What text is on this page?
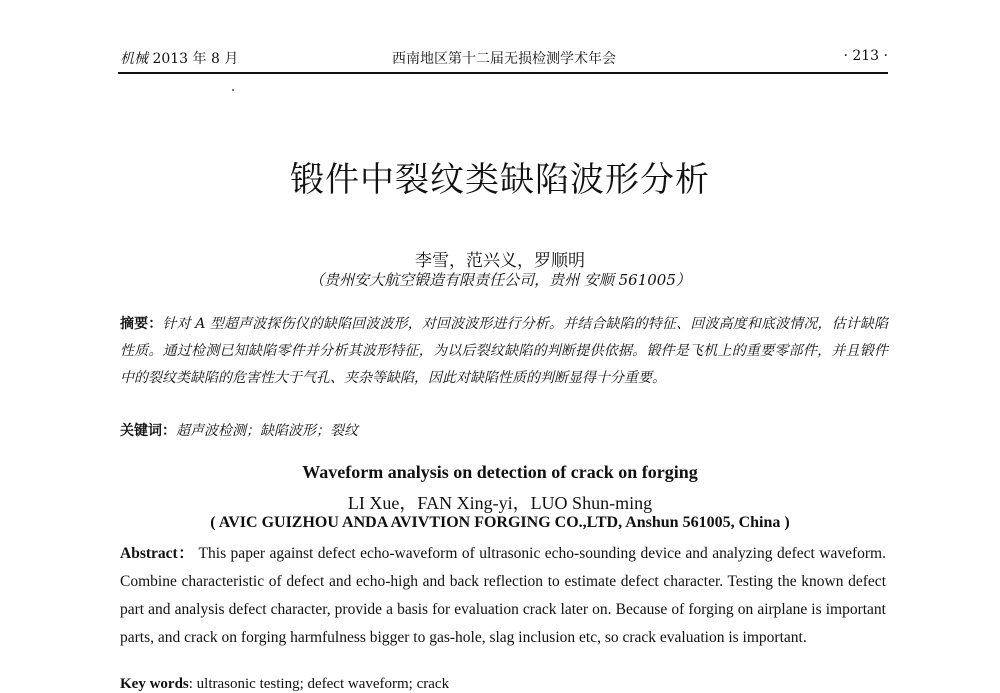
机械 2013 年 8 月	西南地区第十二届无损检测学术年会	· 213 ·
锻件中裂纹类缺陷波形分析
李雪，范兴义，罗顺明
（贵州安大航空锻造有限责任公司，贵州 安顺 561005）
摘要：针对 A 型超声波探伤仪的缺陷回波波形，对回波波形进行分析。并结合缺陷的特征、回波高度和底波情况，估计缺陷性质。通过检测已知缺陷零件并分析其波形特征，为以后裂纹缺陷的判断提供依据。锻件是飞机上的重要零部件，并且锻件中的裂纹类缺陷的危害性大于气孔、夹杂等缺陷，因此对缺陷性质的判断显得十分重要。
关键词：超声波检测；缺陷波形；裂纹
Waveform analysis on detection of crack on forging
LI Xue，FAN Xing-yi，LUO Shun-ming
( AVIC GUIZHOU ANDA AVIVTION FORGING CO.,LTD, Anshun 561005, China )
Abstract： This paper against defect echo-waveform of ultrasonic echo-sounding device and analyzing defect waveform. Combine characteristic of defect and echo-high and back reflection to estimate defect character. Testing the known defect part and analysis defect character, provide a basis for evaluation crack later on. Because of forging on airplane is important parts, and crack on forging harmfulness bigger to gas-hole, slag inclusion etc, so crack evaluation is important.
Key words: ultrasonic testing; defect waveform; crack
